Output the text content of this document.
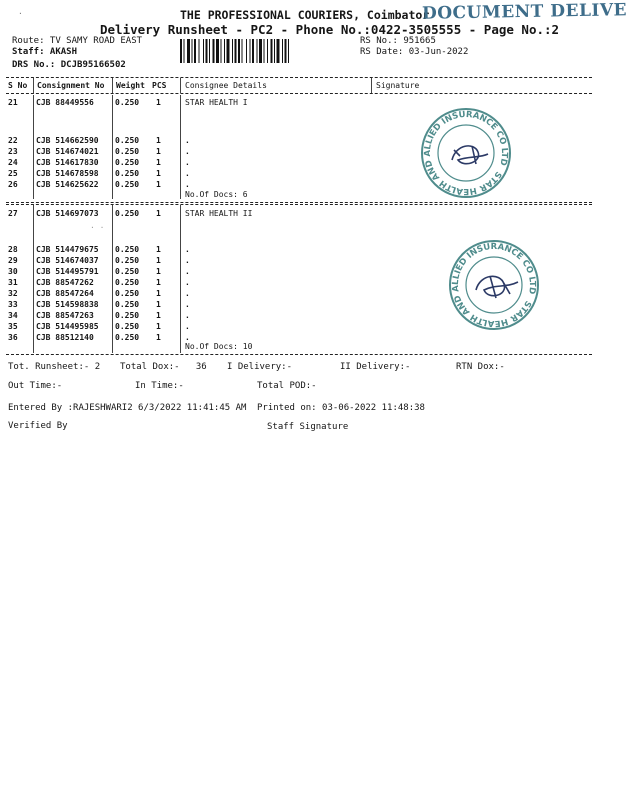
THE PROFESSIONAL COURIERS, Coimbator
DOCUMENT DELIVE
Delivery Runsheet - PC2 - Phone No.:0422-3505555 - Page No.:2
Route: TV SAMY ROAD EAST
Staff: AKASH
DRS No.: DCJB95166502
RS No.: 951665
RS Date: 03-Jun-2022
S No Consignment No Weight PCS Consignee Details	Signature
21 CJB 88449556	0.250 1	STAR HEALTH I
22 CJB 514662590 0.250 1	.
23 CJB 514674021 0.250 1	.
24 CJB 514617830 0.250 1	.
25 CJB 514678598 0.250 1	.
26 CJB 514625622 0.250 1	.
No.Of Docs: 6
27 CJB 514697073 0.250 1	STAR HEALTH II
28 CJB 514479675 0.250 1	.
29 CJB 514674037 0.250 1	.
30 CJB 514495791 0.250 1	.
31 CJB 88547262	0.250 1	.
32 CJB 88547264	0.250 1	.
33 CJB 514598838 0.250 1	.
34 CJB 88547263	0.250 1	.
35 CJB 514495985 0.250 1	.
36 CJB 88512140	0.250 1	.
No.Of Docs: 10
Tot. Runsheet:- 2 Total Dox:-   36 I Delivery:-	II Delivery:-	RTN Dox:-
Out Time:-	In Time:-	Total POD:-
Entered By :RAJESHWARI2 6/3/2022 11:41:45 AM Printed on: 03-06-2022 11:48:38
Verified By	Staff Signature
STAR HEALTH AND ALLIED INSURANCE CO LTD
STAR HEALTH AND ALLIED INSURANCE CO LTD
·
· ·
